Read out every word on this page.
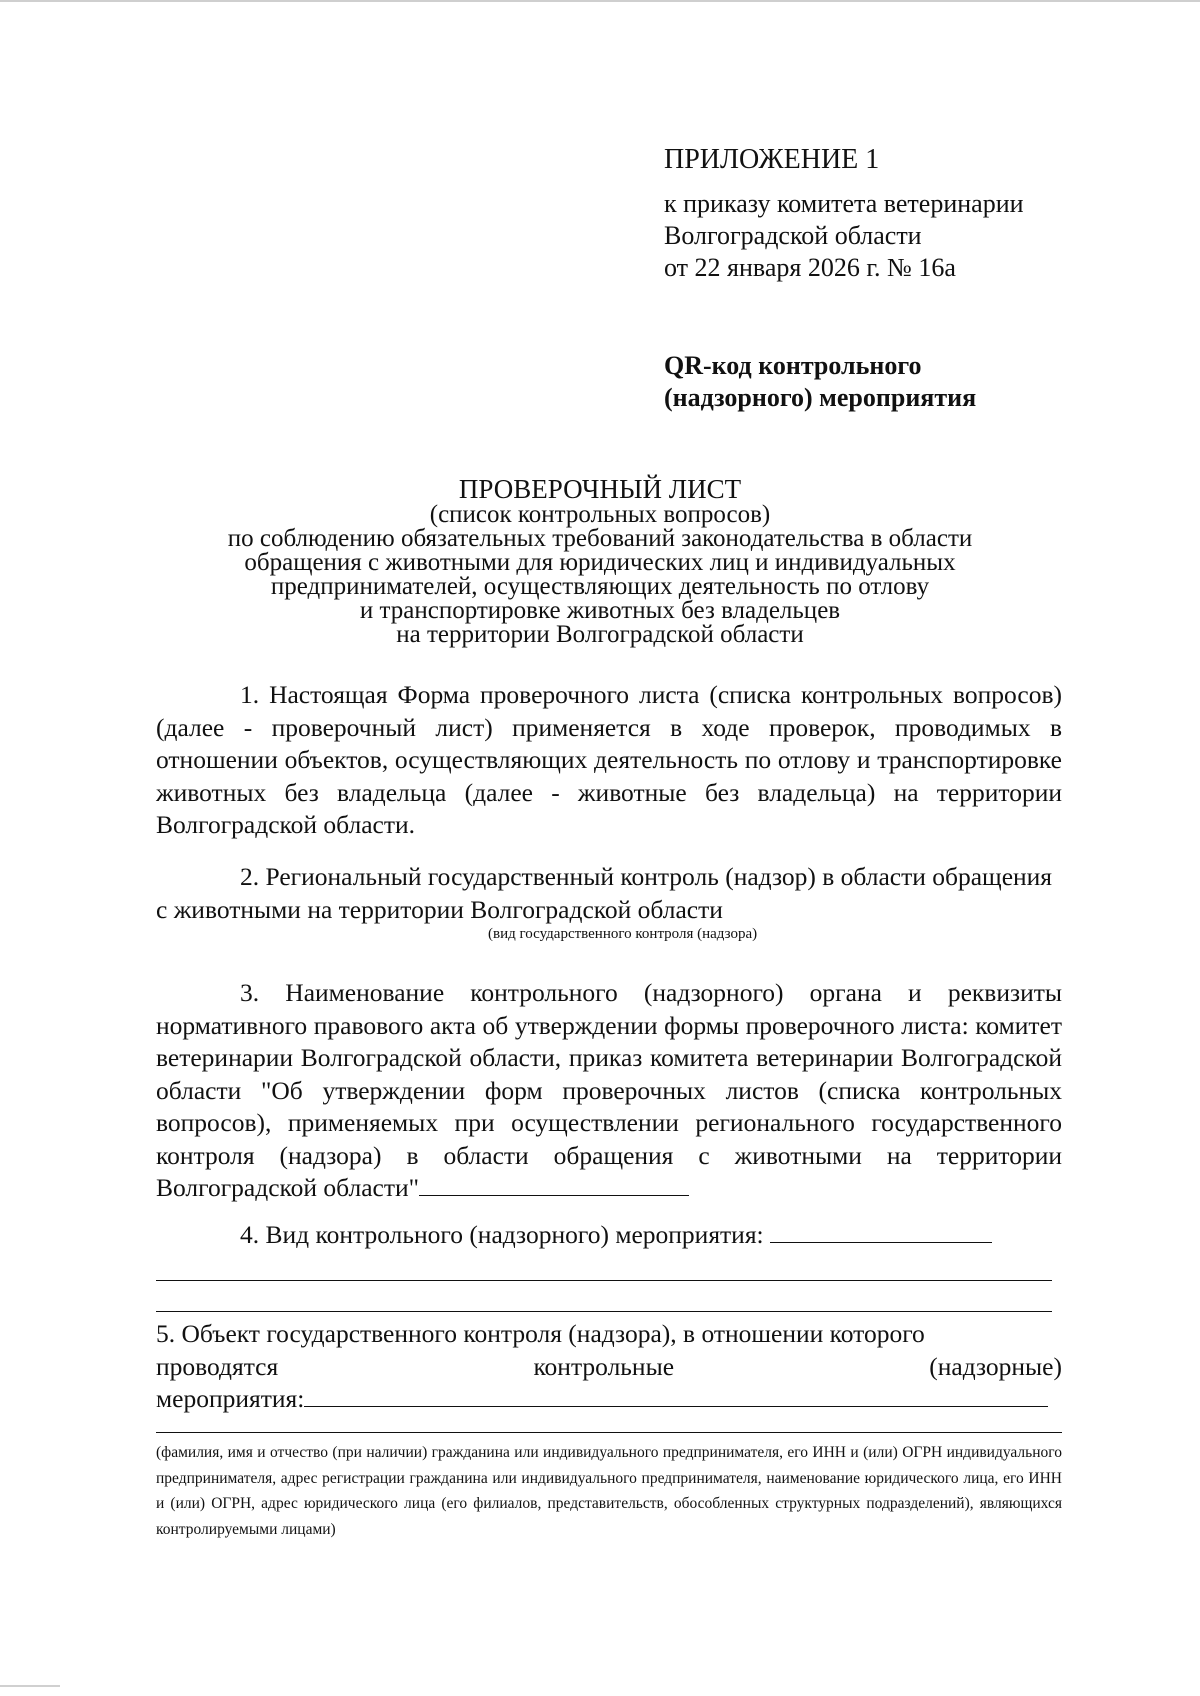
ПРИЛОЖЕНИЕ 1
к приказу комитета ветеринарии
Волгоградской области
от 22 января 2026 г. № 16а
QR-код контрольного
(надзорного) мероприятия
ПРОВЕРОЧНЫЙ ЛИСТ
(список контрольных вопросов)
по соблюдению обязательных требований законодательства в области
обращения с животными для юридических лиц и индивидуальных
предпринимателей, осуществляющих деятельность по отлову
и транспортировке животных без владельцев
на территории Волгоградской области

1. Настоящая Форма проверочного листа (списка контрольных вопросов) (далее - проверочный лист) применяется в ходе проверок, проводимых в отношении объектов, осуществляющих деятельность по отлову и транспортировке животных без владельца (далее - животные без владельца) на территории Волгоградской области.

2. Региональный государственный контроль (надзор) в области обращения с животными на территории Волгоградской области

(вид государственного контроля (надзора)

3. Наименование контрольного (надзорного) органа и реквизиты нормативного правового акта об утверждении формы проверочного листа: комитет ветеринарии Волгоградской области, приказ комитета ветеринарии Волгоградской области "Об утверждении форм проверочных листов (списка контрольных вопросов), применяемых при осуществлении регионального государственного контроля (надзора) в области обращения с животными на территории Волгоградской области"

4. Вид контрольного (надзорного) мероприятия:

5. Объект государственного контроля (надзора), в отношении которого
проводятся	контрольные	(надзорные)
мероприятия:
(фамилия, имя и отчество (при наличии) гражданина или индивидуального предпринимателя, его ИНН и (или) ОГРН индивидуального предпринимателя, адрес регистрации гражданина или индивидуального предпринимателя, наименование юридического лица, его ИНН и (или) ОГРН, адрес юридического лица (его филиалов, представительств, обособленных структурных подразделений), являющихся контролируемыми лицами)
